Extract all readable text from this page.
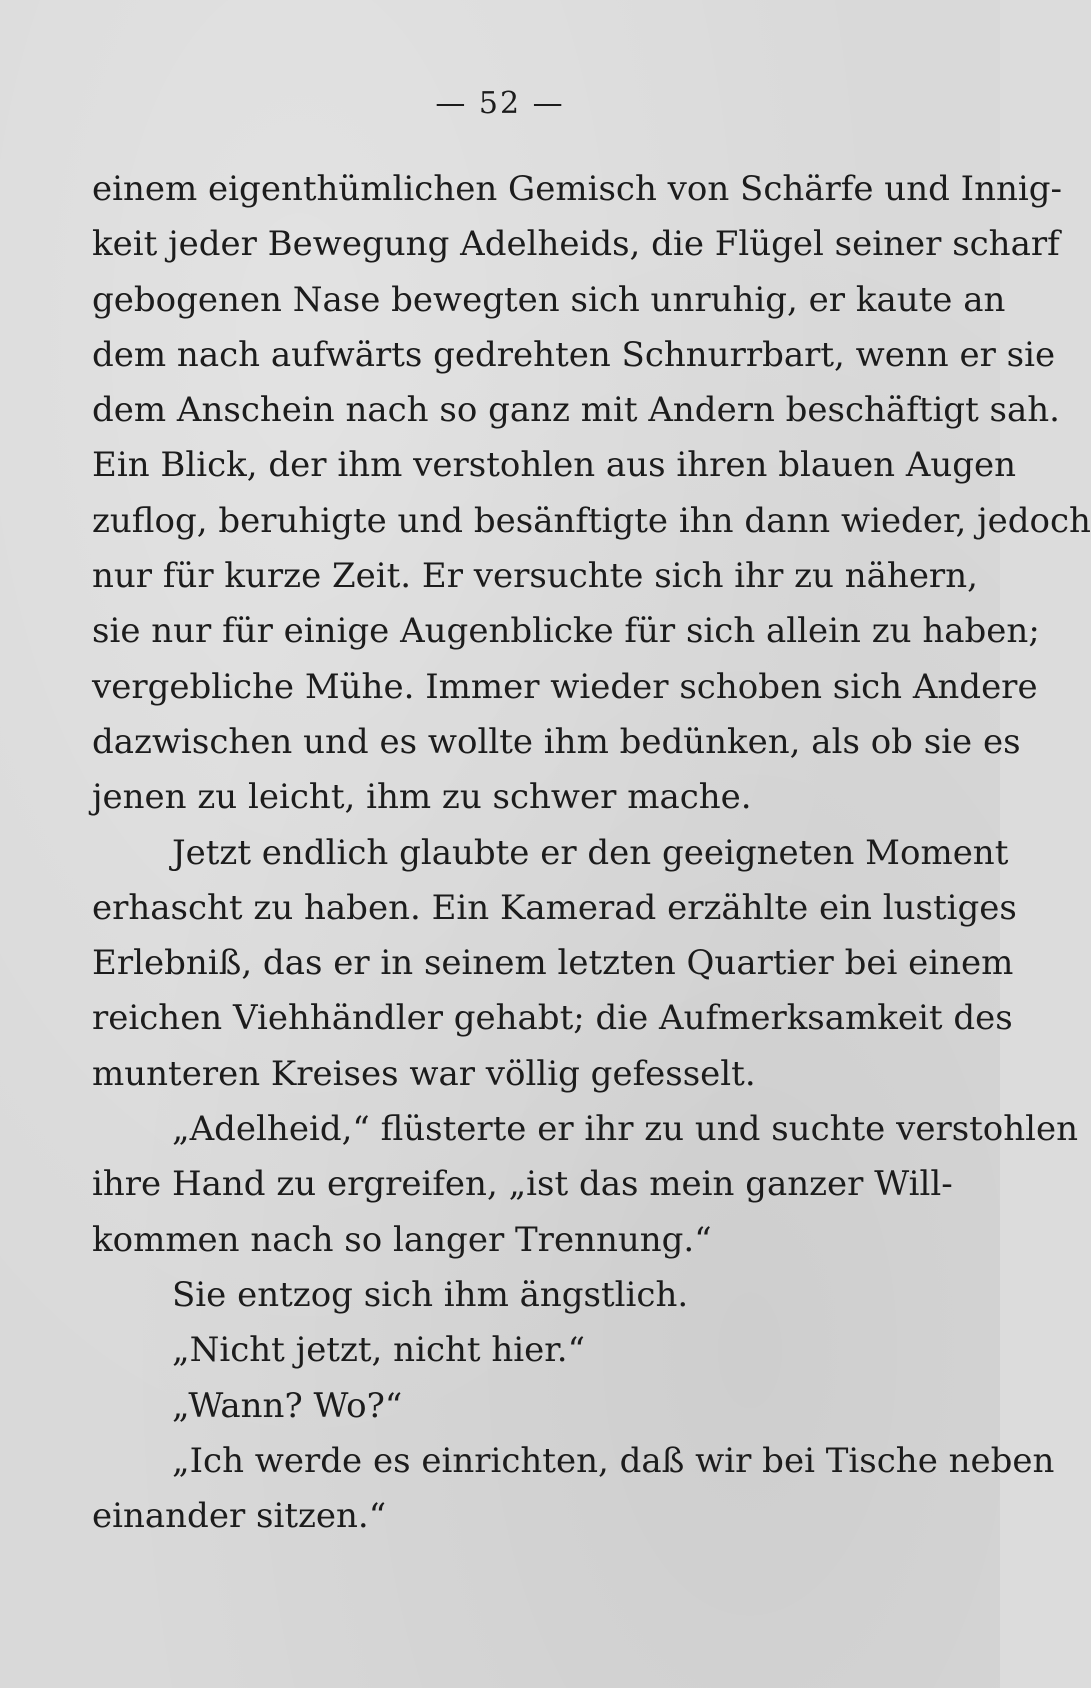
— 52 —
einem eigenthümlichen Gemisch von Schärfe und Innig-
keit jeder Bewegung Adelheids, die Flügel seiner scharf
gebogenen Nase bewegten sich unruhig, er kaute an
dem nach aufwärts gedrehten Schnurrbart, wenn er sie
dem Anschein nach so ganz mit Andern beschäftigt sah.
Ein Blick, der ihm verstohlen aus ihren blauen Augen
zuflog, beruhigte und besänftigte ihn dann wieder, jedoch
nur für kurze Zeit. Er versuchte sich ihr zu nähern,
sie nur für einige Augenblicke für sich allein zu haben;
vergebliche Mühe. Immer wieder schoben sich Andere
dazwischen und es wollte ihm bedünken, als ob sie es
jenen zu leicht, ihm zu schwer mache.
Jetzt endlich glaubte er den geeigneten Moment
erhascht zu haben. Ein Kamerad erzählte ein lustiges
Erlebniß, das er in seinem letzten Quartier bei einem
reichen Viehhändler gehabt; die Aufmerksamkeit des
munteren Kreises war völlig gefesselt.
„Adelheid,“ flüsterte er ihr zu und suchte verstohlen
ihre Hand zu ergreifen, „ist das mein ganzer Will-
kommen nach so langer Trennung.“
Sie entzog sich ihm ängstlich.
„Nicht jetzt, nicht hier.“
„Wann? Wo?“
„Ich werde es einrichten, daß wir bei Tische neben
einander sitzen.“
